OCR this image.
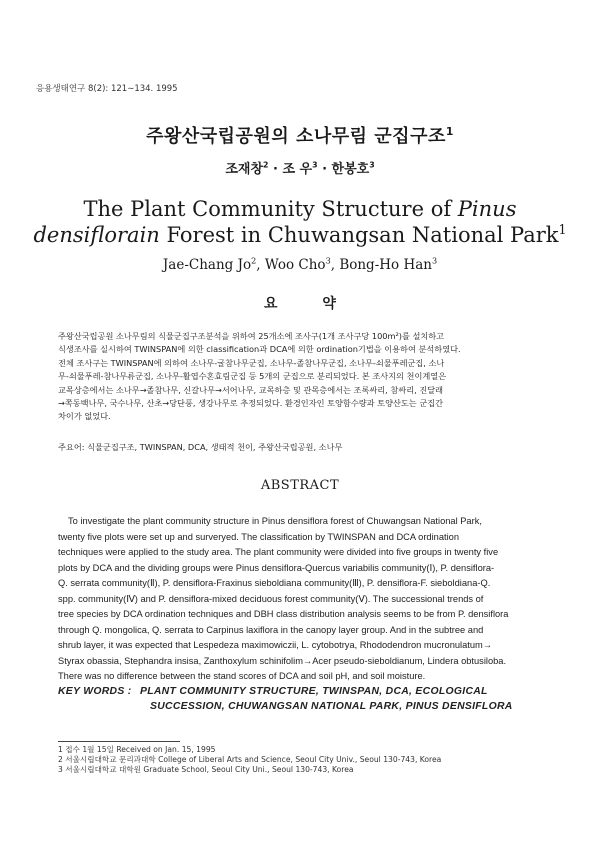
응용생태연구 8(2): 121∼134. 1995
주왕산국립공원의 소나무림 군집구조$^1$
조재창$^2$ · 조 우$^3$ · 한봉호$^3$
The Plant Community Structure of Pinus
densiflorain Forest in Chuwangsan National Park$^1$
Jae-Chang Jo$^2$, Woo Cho$^3$, Bong-Ho Han$^3$
요 약
주왕산국립공원 소나무림의 식물군집구조분석을 위하여 25개소에 조사구(1개 조사구당 100m²)를 설치하고
식생조사를 실시하여 TWINSPAN에 의한 classification과 DCA에 의한 ordination기법을 이용하여 분석하였다.
전체 조사구는 TWINSPAN에 의하여 소나무-굴참나무군집, 소나무-졸참나무군집, 소나무-쇠물푸레군집, 소나
무-쇠물푸레-참나무류군집, 소나무-활엽수혼효림군집 등 5개의 군집으로 분리되었다. 본 조사지의 천이계열은
교목상층에서는 소나무→졸참나무, 신갈나무→서어나무, 교목하층 및 관목층에서는 조록싸리, 참싸리, 진달래
→쪽동백나무, 국수나무, 산초→당단풍, 생강나무로 추정되었다. 환경인자인 토양함수량과 토양산도는 군집간
차이가 없었다.
주요어: 식물군집구조, TWINSPAN, DCA, 생태적 천이, 주왕산국립공원, 소나무
ABSTRACT
To investigate the plant community structure in Pinus densiflora forest of Chuwangsan National Park,
twenty five plots were set up and surveryed. The classification by TWINSPAN and DCA ordination
techniques were applied to the study area. The plant community were divided into five groups in twenty five
plots by DCA and the dividing groups were Pinus densiflora-Quercus variabilis community(Ⅰ), P. densiflora-
Q. serrata community(Ⅱ), P. densiflora-Fraxinus sieboldiana community(Ⅲ), P. densiflora-F. sieboldiana-Q.
spp. community(Ⅳ) and P. densiflora-mixed deciduous forest community(Ⅴ). The successional trends of
tree species by DCA ordination techniques and DBH class distribution analysis seems to be from P. densiflora
through Q. mongolica, Q. serrata to Carpinus laxiflora in the canopy layer group. And in the subtree and
shrub layer, it was expected that Lespedeza maximowiczii, L. cytobotrya, Rhododendron mucronulatum→
Styrax obassia, Stephandra insisa, Zanthoxylum schinifolim→Acer pseudo-sieboldianum, Lindera obtusiloba.
There was no difference between the stand scores of DCA and soil pH, and soil moisture.
KEY WORDS : PLANT COMMUNITY STRUCTURE, TWINSPAN, DCA, ECOLOGICAL
SUCCESSION, CHUWANGSAN NATIONAL PARK, PINUS DENSIFLORA
1 접수 1월 15일 Received on Jan. 15, 1995
2 서울시립대학교 문리과대학 College of Liberal Arts and Science, Seoul City Univ., Seoul 130-743, Korea
3 서울시립대학교 대학원 Graduate School, Seoul City Uni., Seoul 130-743, Korea
